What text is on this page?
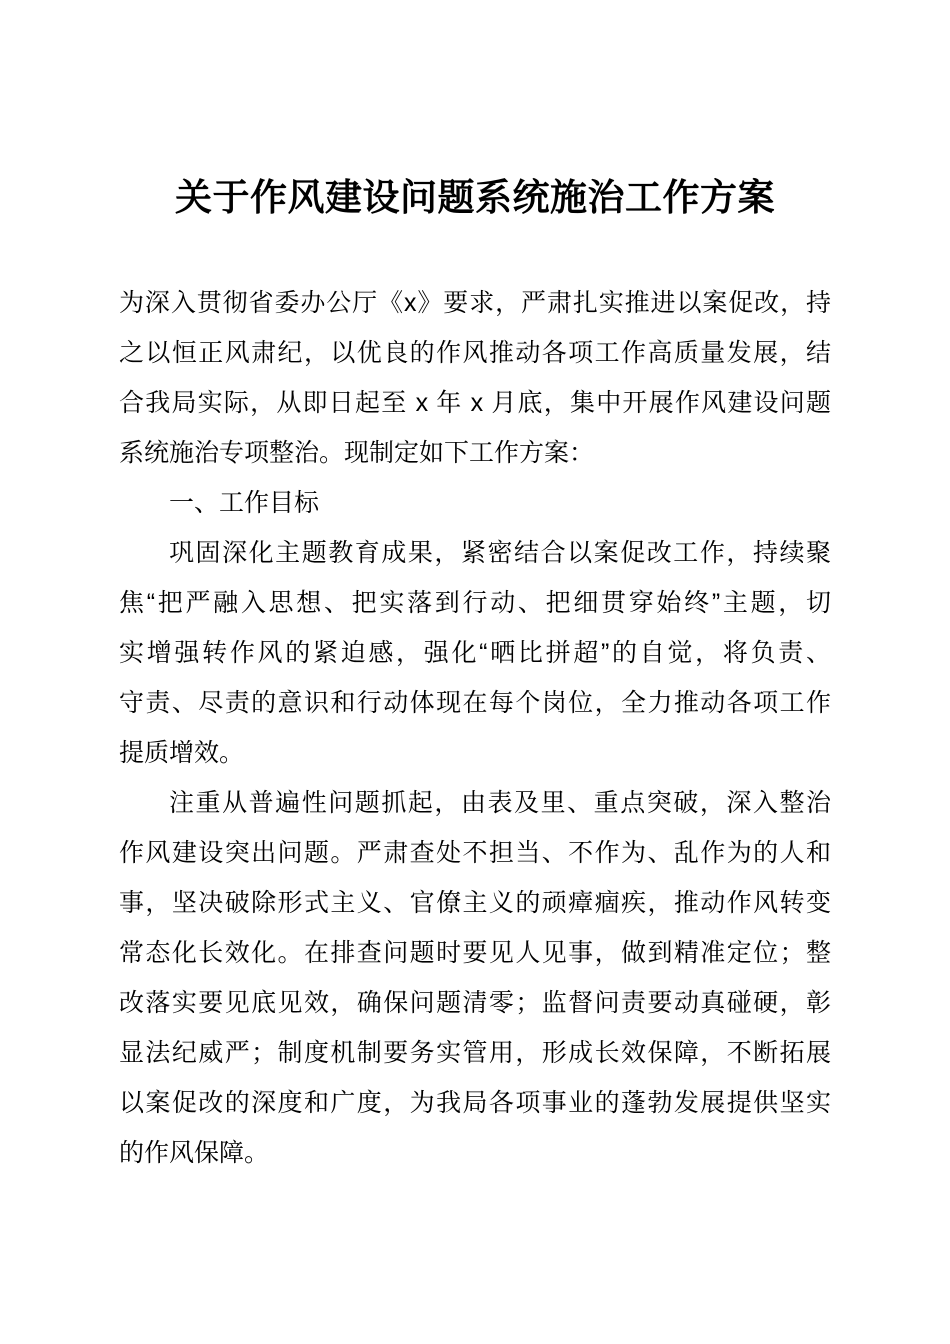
关于作风建设问题系统施治工作方案
为深入贯彻省委办公厅《x》要求，严肃扎实推进以案促改，持
之以恒正风肃纪，以优良的作风推动各项工作高质量发展，结
合我局实际，从即日起至 x 年 x 月底，集中开展作风建设问题
系统施治专项整治。现制定如下工作方案：
一、工作目标
巩固深化主题教育成果，紧密结合以案促改工作，持续聚
焦“把严融入思想、把实落到行动、把细贯穿始终”主题，切
实增强转作风的紧迫感，强化“晒比拼超”的自觉，将负责、
守责、尽责的意识和行动体现在每个岗位，全力推动各项工作
提质增效。
注重从普遍性问题抓起，由表及里、重点突破，深入整治
作风建设突出问题。严肃查处不担当、不作为、乱作为的人和
事，坚决破除形式主义、官僚主义的顽瘴痼疾，推动作风转变
常态化长效化。在排查问题时要见人见事，做到精准定位；整
改落实要见底见效，确保问题清零；监督问责要动真碰硬，彰
显法纪威严；制度机制要务实管用，形成长效保障，不断拓展
以案促改的深度和广度，为我局各项事业的蓬勃发展提供坚实
的作风保障。
